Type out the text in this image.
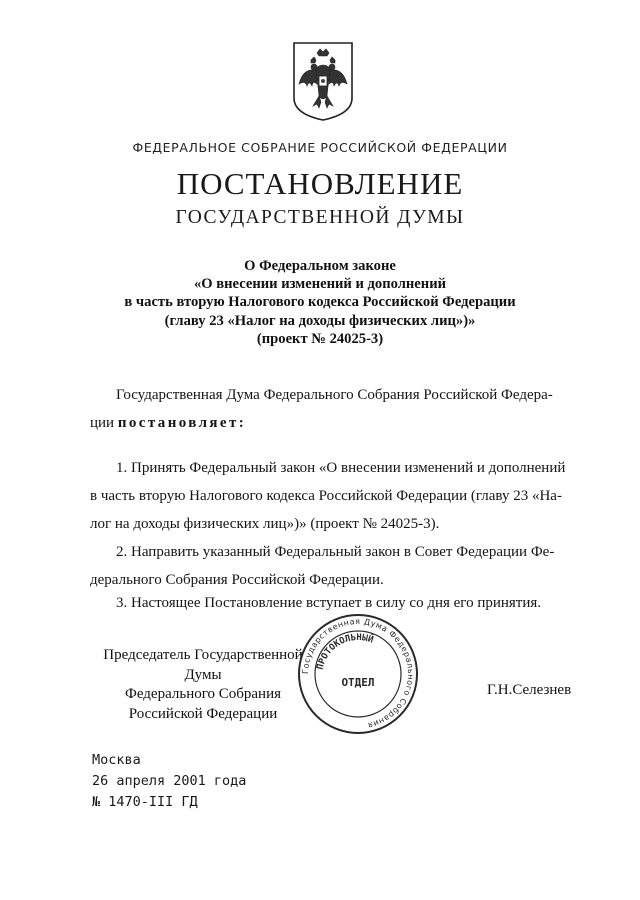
ФЕДЕРАЛЬНОЕ СОБРАНИЕ РОССИЙСКОЙ ФЕДЕРАЦИИ
ПОСТАНОВЛЕНИЕ
ГОСУДАРСТВЕННОЙ ДУМЫ
О Федеральном законе
«О внесении изменений и дополнений
в часть вторую Налогового кодекса Российской Федерации
(главу 23 «Налог на доходы физических лиц»)»
(проект № 24025-3)
Государственная Дума Федерального Собрания Российской Федера-
ции постановляет:
1. Принять Федеральный закон «О внесении изменений и дополнений
в часть вторую Налогового кодекса Российской Федерации (главу 23 «На-
лог на доходы физических лиц»)» (проект № 24025-3).
2. Направить указанный Федеральный закон в Совет Федерации Фе-
дерального Собрания Российской Федерации.
3. Настоящее Постановление вступает в силу со дня его принятия.
Председатель Государственной Думы
Федерального Собрания
Российской Федерации
Государственная Дума Федерального Собрания
ПРОТОКОЛЬНЫЙ
ОТДЕЛ	Г.Н.Селезнев
Москва
26 апреля 2001 года
№ 1470-III ГД
